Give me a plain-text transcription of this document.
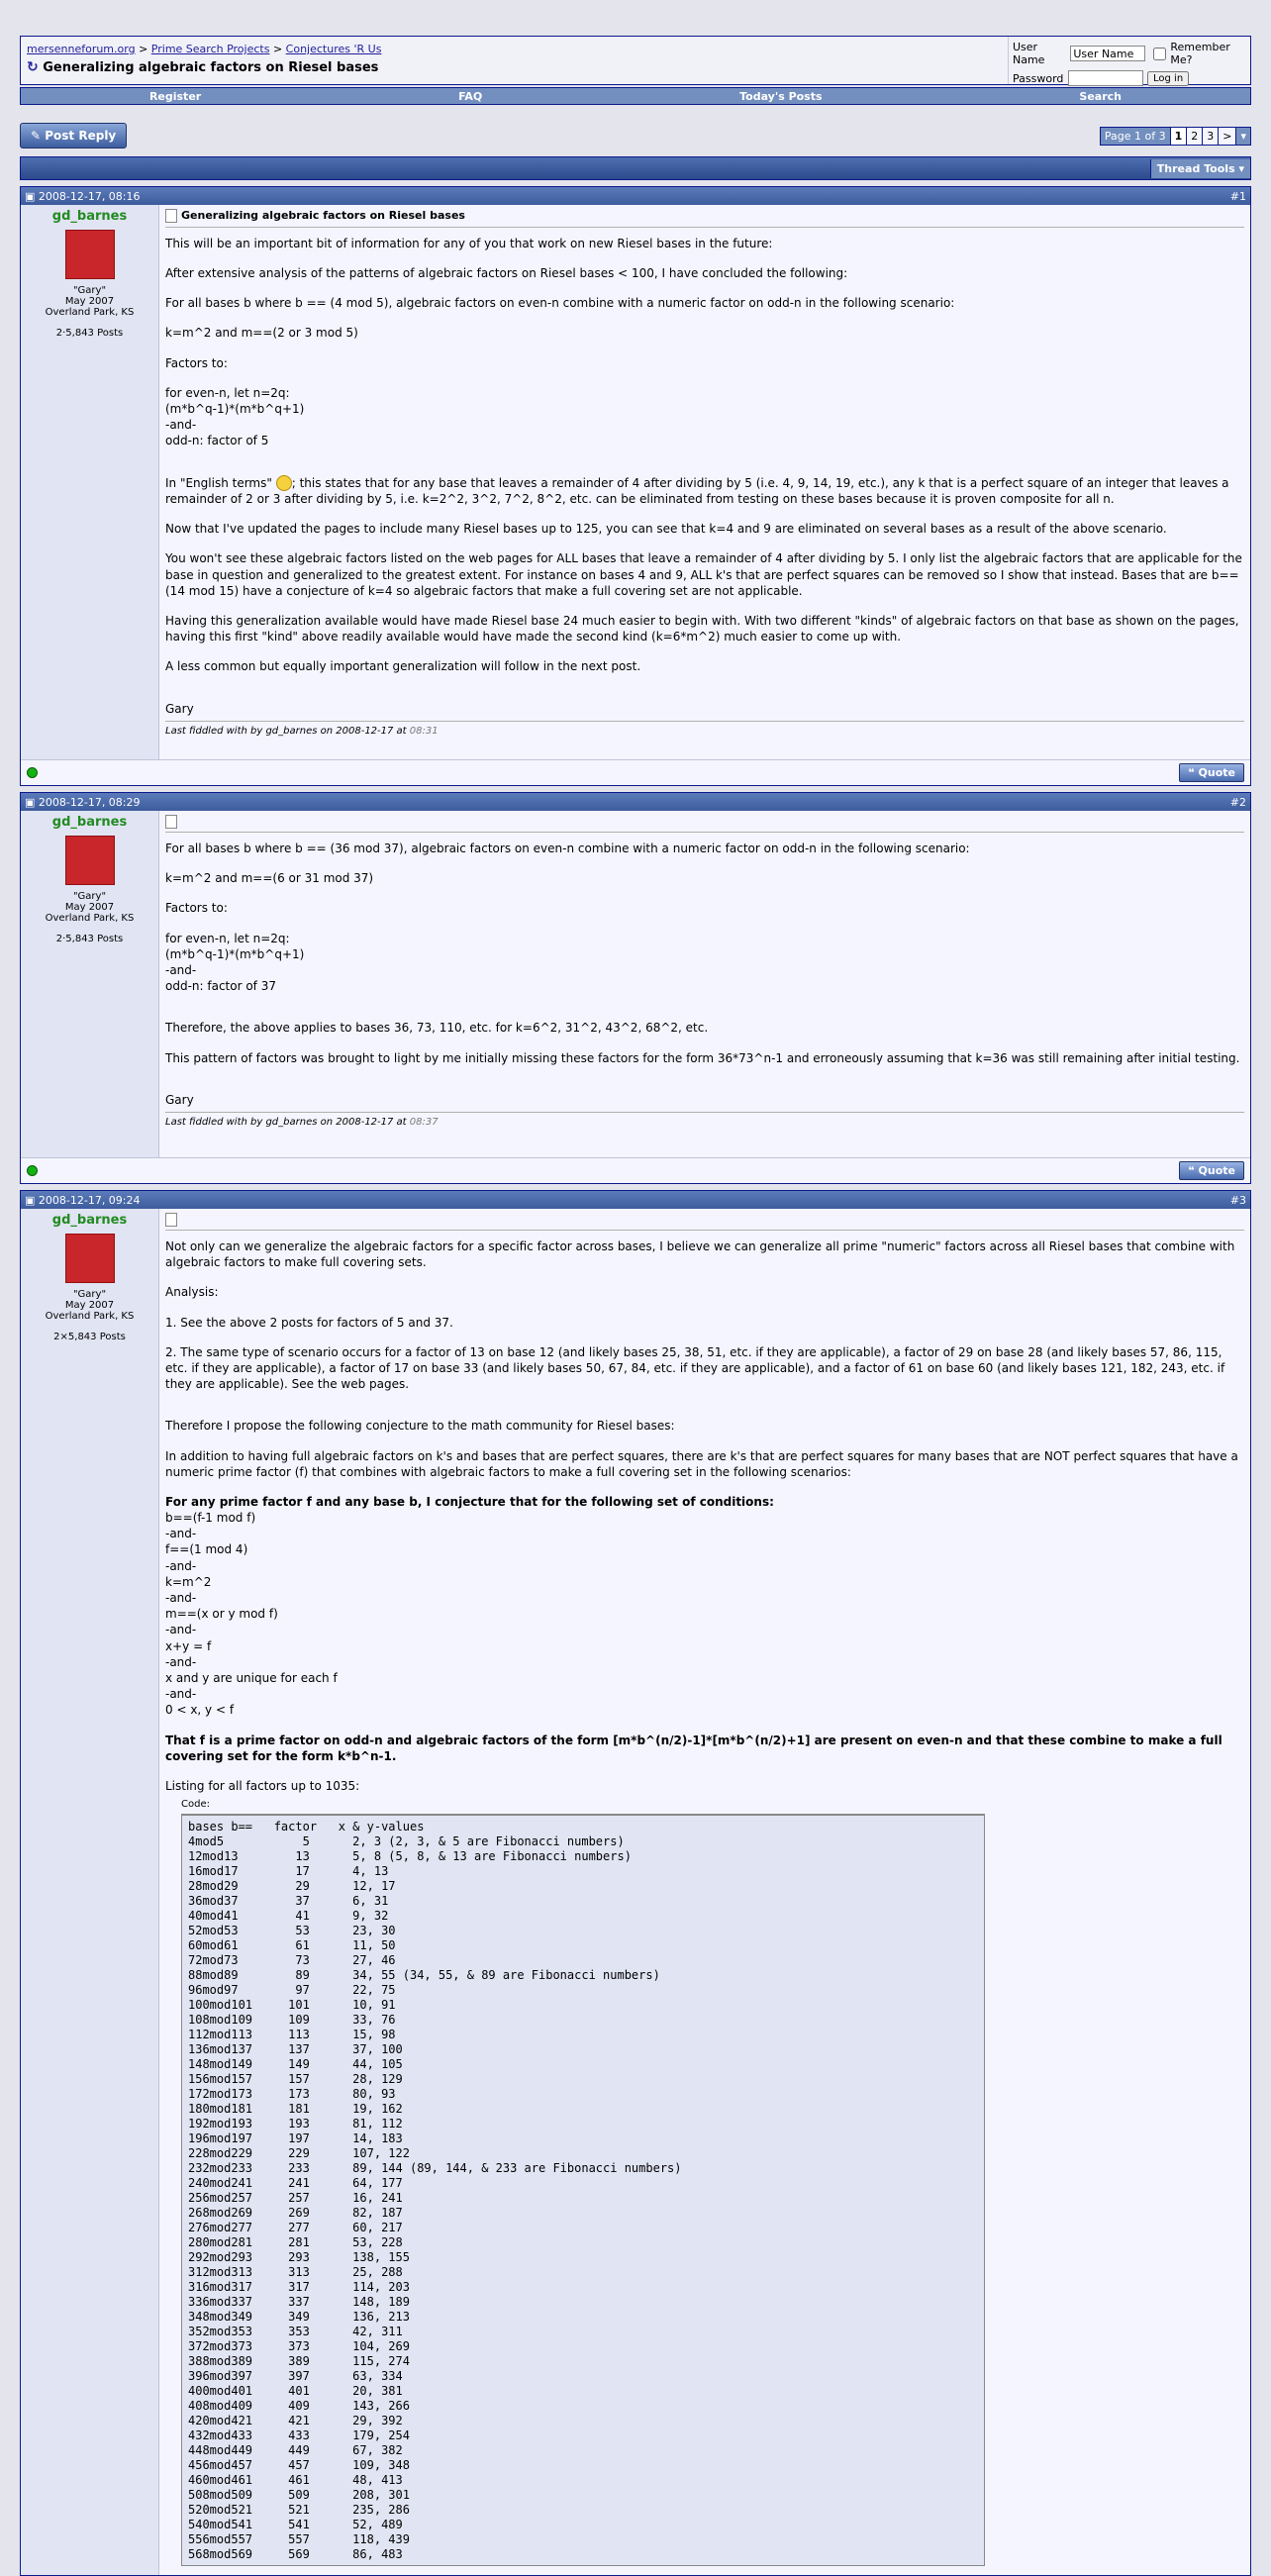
mersenneforum.org > Prime Search Projects > Conjectures 'R Us
↻ Generalizing algebraic factors on Riesel bases
User Name
User Name
Remember Me?
Password	Log in
Register	FAQ	Today's Posts	Search
✎ Post Reply	Page 1 of 3 1 2 3 > ▾
Thread Tools ▾
▣ 2008-12-17, 08:16	#1
gd_barnes
"Gary"
May 2007
Overland Park, KS
2·5,843 Posts
Generalizing algebraic factors on Riesel bases

This will be an important bit of information for any of you that work on new Riesel bases in the future:

After extensive analysis of the patterns of algebraic factors on Riesel bases < 100, I have concluded the following:

For all bases b where b == (4 mod 5), algebraic factors on even-n combine with a numeric factor on odd-n in the following scenario:

k=m^2 and m==(2 or 3 mod 5)

Factors to:

for even-n, let n=2q:
(m*b^q-1)*(m*b^q+1)
-and-
odd-n: factor of 5

In "English terms" ; this states that for any base that leaves a remainder of 4 after dividing by 5 (i.e. 4, 9, 14, 19, etc.), any k that is a perfect square of an integer that leaves a remainder of 2 or 3 after dividing by 5, i.e. k=2^2, 3^2, 7^2, 8^2, etc. can be eliminated from testing on these bases because it is proven composite for all n.

Now that I've updated the pages to include many Riesel bases up to 125, you can see that k=4 and 9 are eliminated on several bases as a result of the above scenario.

You won't see these algebraic factors listed on the web pages for ALL bases that leave a remainder of 4 after dividing by 5. I only list the algebraic factors that are applicable for the base in question and generalized to the greatest extent. For instance on bases 4 and 9, ALL k's that are perfect squares can be removed so I show that instead. Bases that are b==(14 mod 15) have a conjecture of k=4 so algebraic factors that make a full covering set are not applicable.

Having this generalization available would have made Riesel base 24 much easier to begin with. With two different "kinds" of algebraic factors on that base as shown on the pages, having this first "kind" above readily available would have made the second kind (k=6*m^2) much easier to come up with.

A less common but equally important generalization will follow in the next post.

Gary

Last fiddled with by gd_barnes on 2008-12-17 at 08:31
❝ Quote
▣ 2008-12-17, 08:29	#2
gd_barnes
"Gary"
May 2007
Overland Park, KS
2·5,843 Posts

For all bases b where b == (36 mod 37), algebraic factors on even-n combine with a numeric factor on odd-n in the following scenario:

k=m^2 and m==(6 or 31 mod 37)

Factors to:

for even-n, let n=2q:
(m*b^q-1)*(m*b^q+1)
-and-
odd-n: factor of 37

Therefore, the above applies to bases 36, 73, 110, etc. for k=6^2, 31^2, 43^2, 68^2, etc.

This pattern of factors was brought to light by me initially missing these factors for the form 36*73^n-1 and erroneously assuming that k=36 was still remaining after initial testing.

Gary

Last fiddled with by gd_barnes on 2008-12-17 at 08:37
❝ Quote
▣ 2008-12-17, 09:24	#3
gd_barnes
"Gary"
May 2007
Overland Park, KS
2×5,843 Posts

Not only can we generalize the algebraic factors for a specific factor across bases, I believe we can generalize all prime "numeric" factors across all Riesel bases that combine with algebraic factors to make full covering sets.

Analysis:

1. See the above 2 posts for factors of 5 and 37.

2. The same type of scenario occurs for a factor of 13 on base 12 (and likely bases 25, 38, 51, etc. if they are applicable), a factor of 29 on base 28 (and likely bases 57, 86, 115, etc. if they are applicable), a factor of 17 on base 33 (and likely bases 50, 67, 84, etc. if they are applicable), and a factor of 61 on base 60 (and likely bases 121, 182, 243, etc. if they are applicable). See the web pages.

Therefore I propose the following conjecture to the math community for Riesel bases:

In addition to having full algebraic factors on k's and bases that are perfect squares, there are k's that are perfect squares for many bases that are NOT perfect squares that have a numeric prime factor (f) that combines with algebraic factors to make a full covering set in the following scenarios:

For any prime factor f and any base b, I conjecture that for the following set of conditions:

b==(f-1 mod f)
-and-
f==(1 mod 4)
-and-
k=m^2
-and-
m==(x or y mod f)
-and-
x+y = f
-and-
x and y are unique for each f
-and-
0 < x, y < f

That f is a prime factor on odd-n and algebraic factors of the form [m*b^(n/2)-1]*[m*b^(n/2)+1] are present on even-n and that these combine to make a full covering set for the form k*b^n-1.

Listing for all factors up to 1035:

Code:
bases b==   factor   x & y-values
4mod5           5      2, 3 (2, 3, & 5 are Fibonacci numbers)
12mod13        13      5, 8 (5, 8, & 13 are Fibonacci numbers)
16mod17        17      4, 13
28mod29        29      12, 17
36mod37        37      6, 31
40mod41        41      9, 32
52mod53        53      23, 30
60mod61        61      11, 50
72mod73        73      27, 46
88mod89        89      34, 55 (34, 55, & 89 are Fibonacci numbers)
96mod97        97      22, 75
100mod101     101      10, 91
108mod109     109      33, 76
112mod113     113      15, 98
136mod137     137      37, 100
148mod149     149      44, 105
156mod157     157      28, 129
172mod173     173      80, 93
180mod181     181      19, 162
192mod193     193      81, 112
196mod197     197      14, 183
228mod229     229      107, 122
232mod233     233      89, 144 (89, 144, & 233 are Fibonacci numbers)
240mod241     241      64, 177
256mod257     257      16, 241
268mod269     269      82, 187
276mod277     277      60, 217
280mod281     281      53, 228
292mod293     293      138, 155
312mod313     313      25, 288
316mod317     317      114, 203
336mod337     337      148, 189
348mod349     349      136, 213
352mod353     353      42, 311
372mod373     373      104, 269
388mod389     389      115, 274
396mod397     397      63, 334
400mod401     401      20, 381
408mod409     409      143, 266
420mod421     421      29, 392
432mod433     433      179, 254
448mod449     449      67, 382
456mod457     457      109, 348
460mod461     461      48, 413
508mod509     509      208, 301
520mod521     521      235, 286
540mod541     541      52, 489
556mod557     557      118, 439
568mod569     569      86, 483
